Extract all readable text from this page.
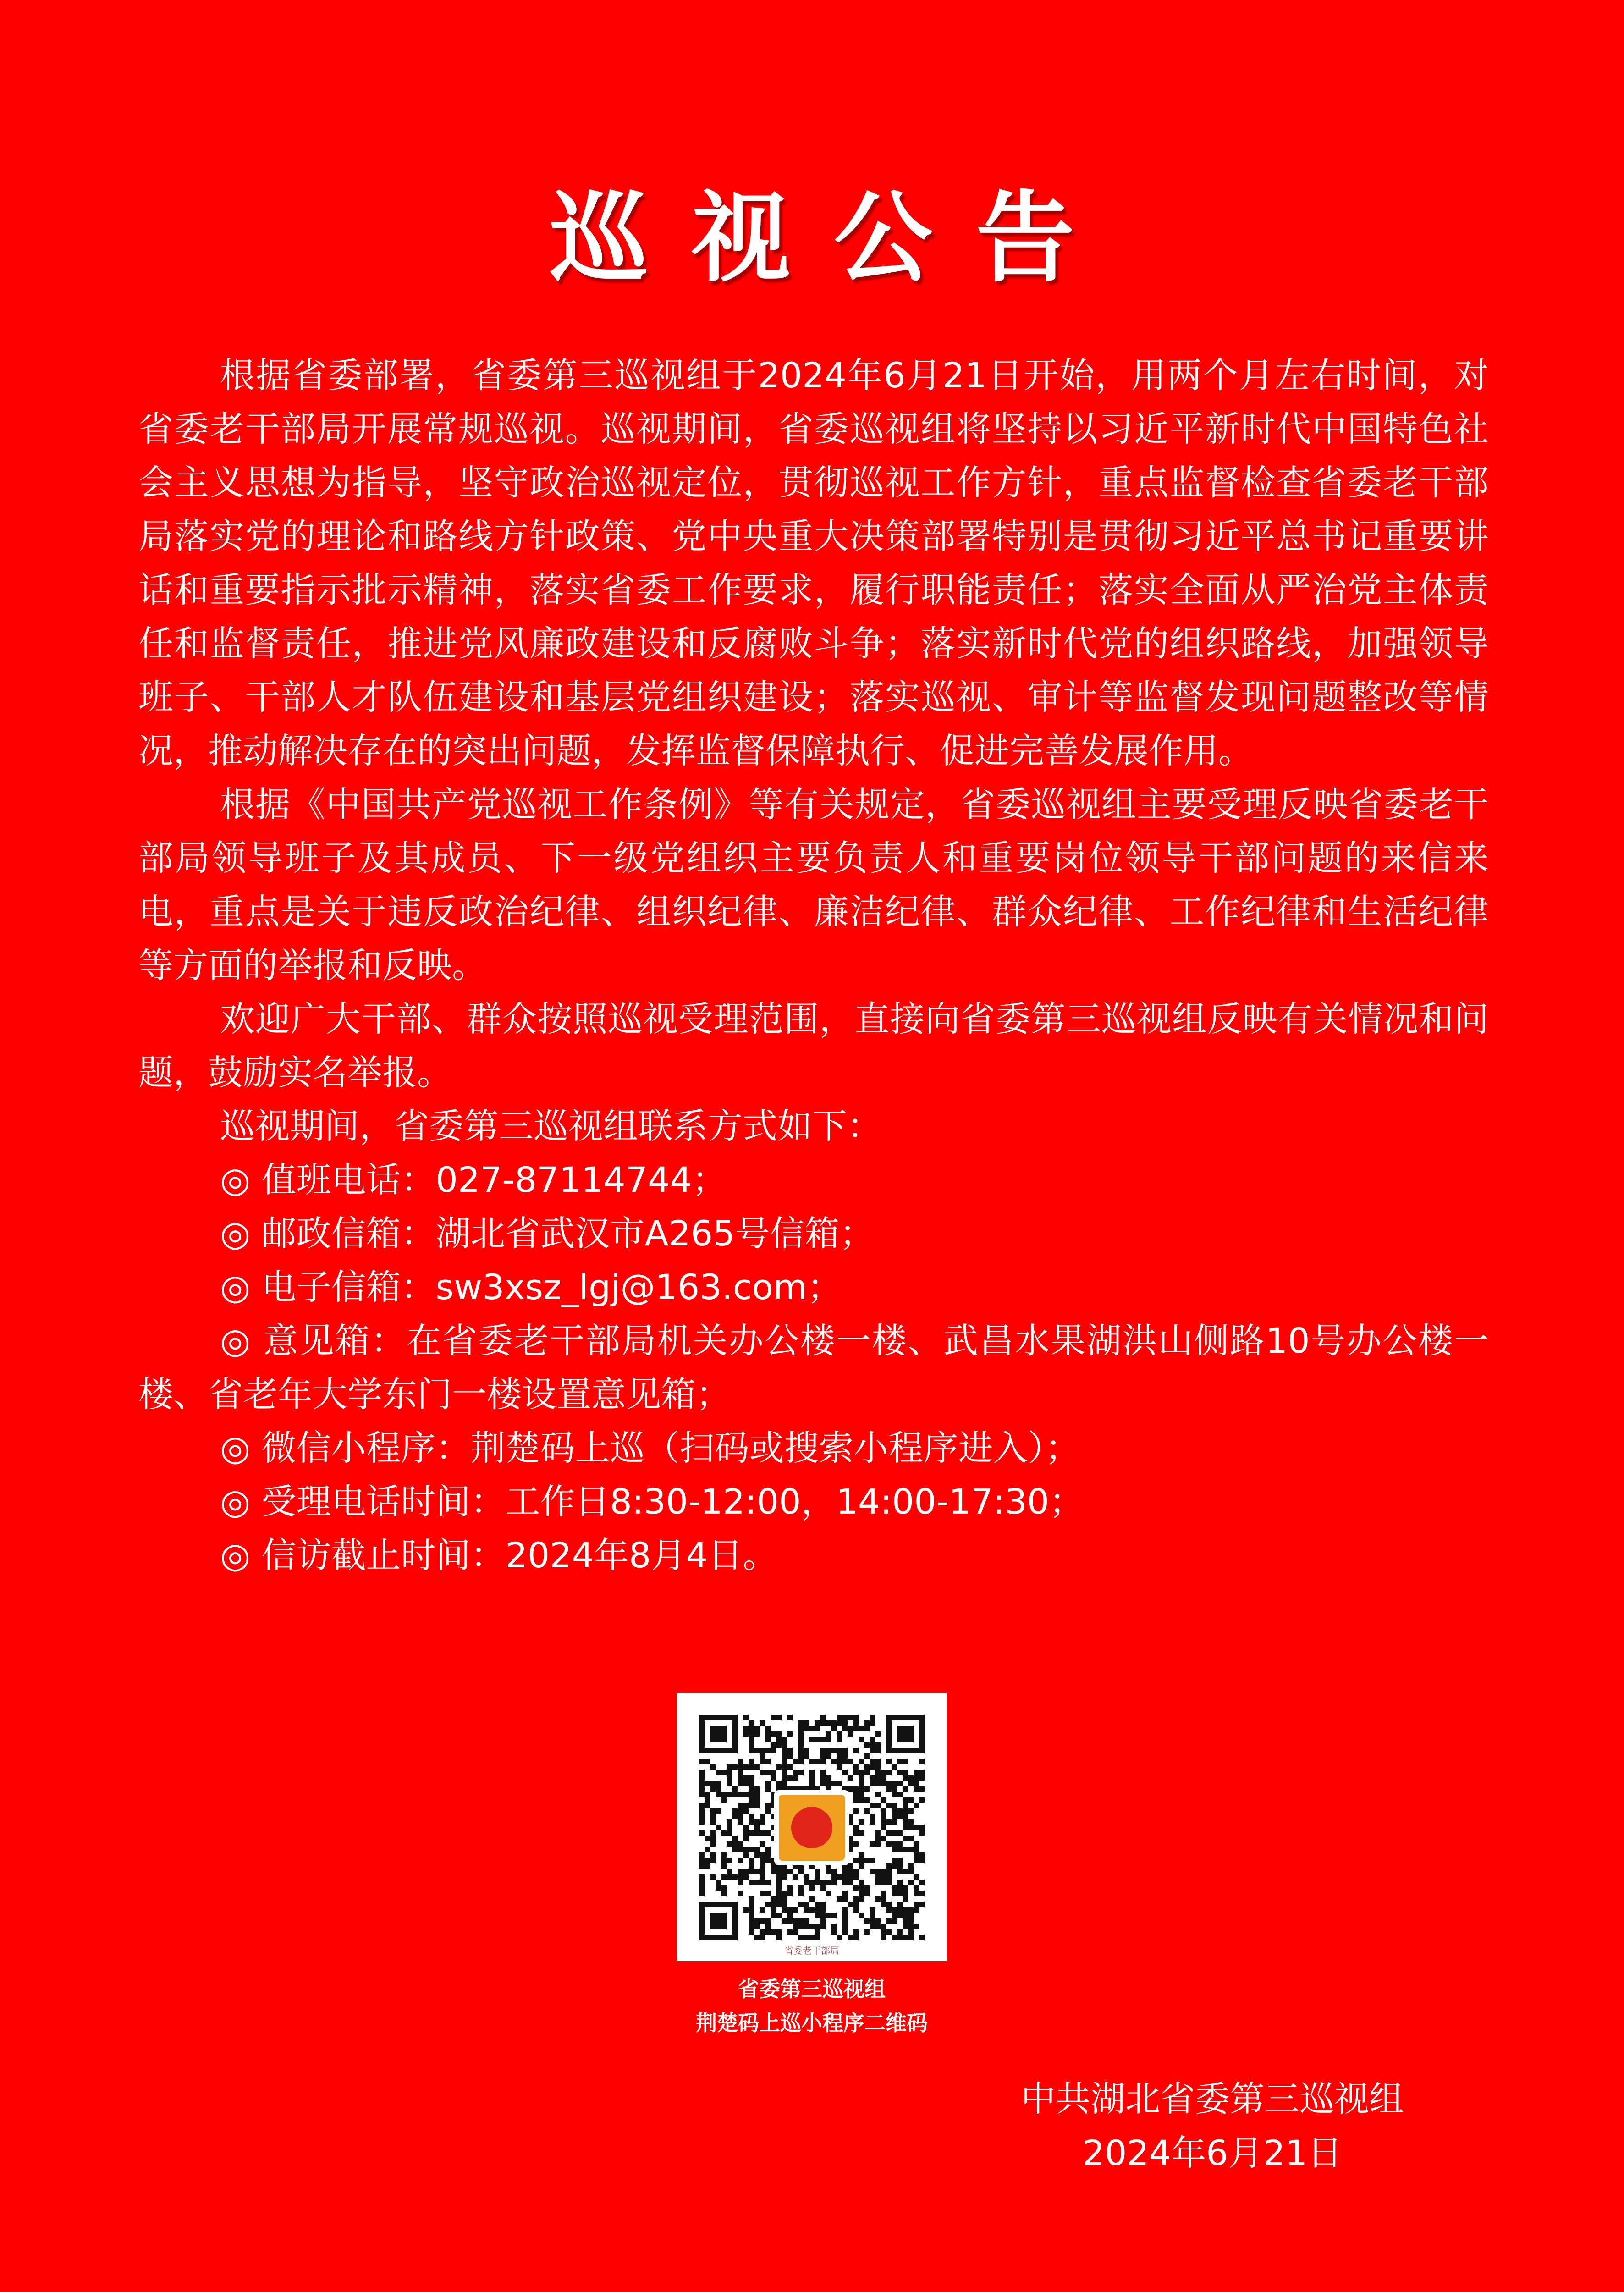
巡视公告

根据省委部署，省委第三巡视组于2024年6月21日开始，用两个月左右时间，对省委老干部局开展常规巡视。巡视期间，省委巡视组将坚持以习近平新时代中国特色社会主义思想为指导，坚守政治巡视定位，贯彻巡视工作方针，重点监督检查省委老干部局落实党的理论和路线方针政策、党中央重大决策部署特别是贯彻习近平总书记重要讲话和重要指示批示精神，落实省委工作要求，履行职能责任；落实全面从严治党主体责任和监督责任，推进党风廉政建设和反腐败斗争；落实新时代党的组织路线，加强领导班子、干部人才队伍建设和基层党组织建设；落实巡视、审计等监督发现问题整改等情况，推动解决存在的突出问题，发挥监督保障执行、促进完善发展作用。

根据《中国共产党巡视工作条例》等有关规定，省委巡视组主要受理反映省委老干部局领导班子及其成员、下一级党组织主要负责人和重要岗位领导干部问题的来信来电，重点是关于违反政治纪律、组织纪律、廉洁纪律、群众纪律、工作纪律和生活纪律等方面的举报和反映。

欢迎广大干部、群众按照巡视受理范围，直接向省委第三巡视组反映有关情况和问题，鼓励实名举报。

巡视期间，省委第三巡视组联系方式如下：

◎ 值班电话：027-87114744；

◎ 邮政信箱：湖北省武汉市A265号信箱；

◎ 电子信箱：sw3xsz_lgj@163.com；

◎ 意见箱：在省委老干部局机关办公楼一楼、武昌水果湖洪山侧路10号办公楼一楼、省老年大学东门一楼设置意见箱；

◎ 微信小程序：荆楚码上巡（扫码或搜索小程序进入）；

◎ 受理电话时间：工作日8:30-12:00，14:00-17:30；

◎ 信访截止时间：2024年8月4日。

省委老干部局
省委第三巡视组
荆楚码上巡小程序二维码
中共湖北省委第三巡视组
2024年6月21日
